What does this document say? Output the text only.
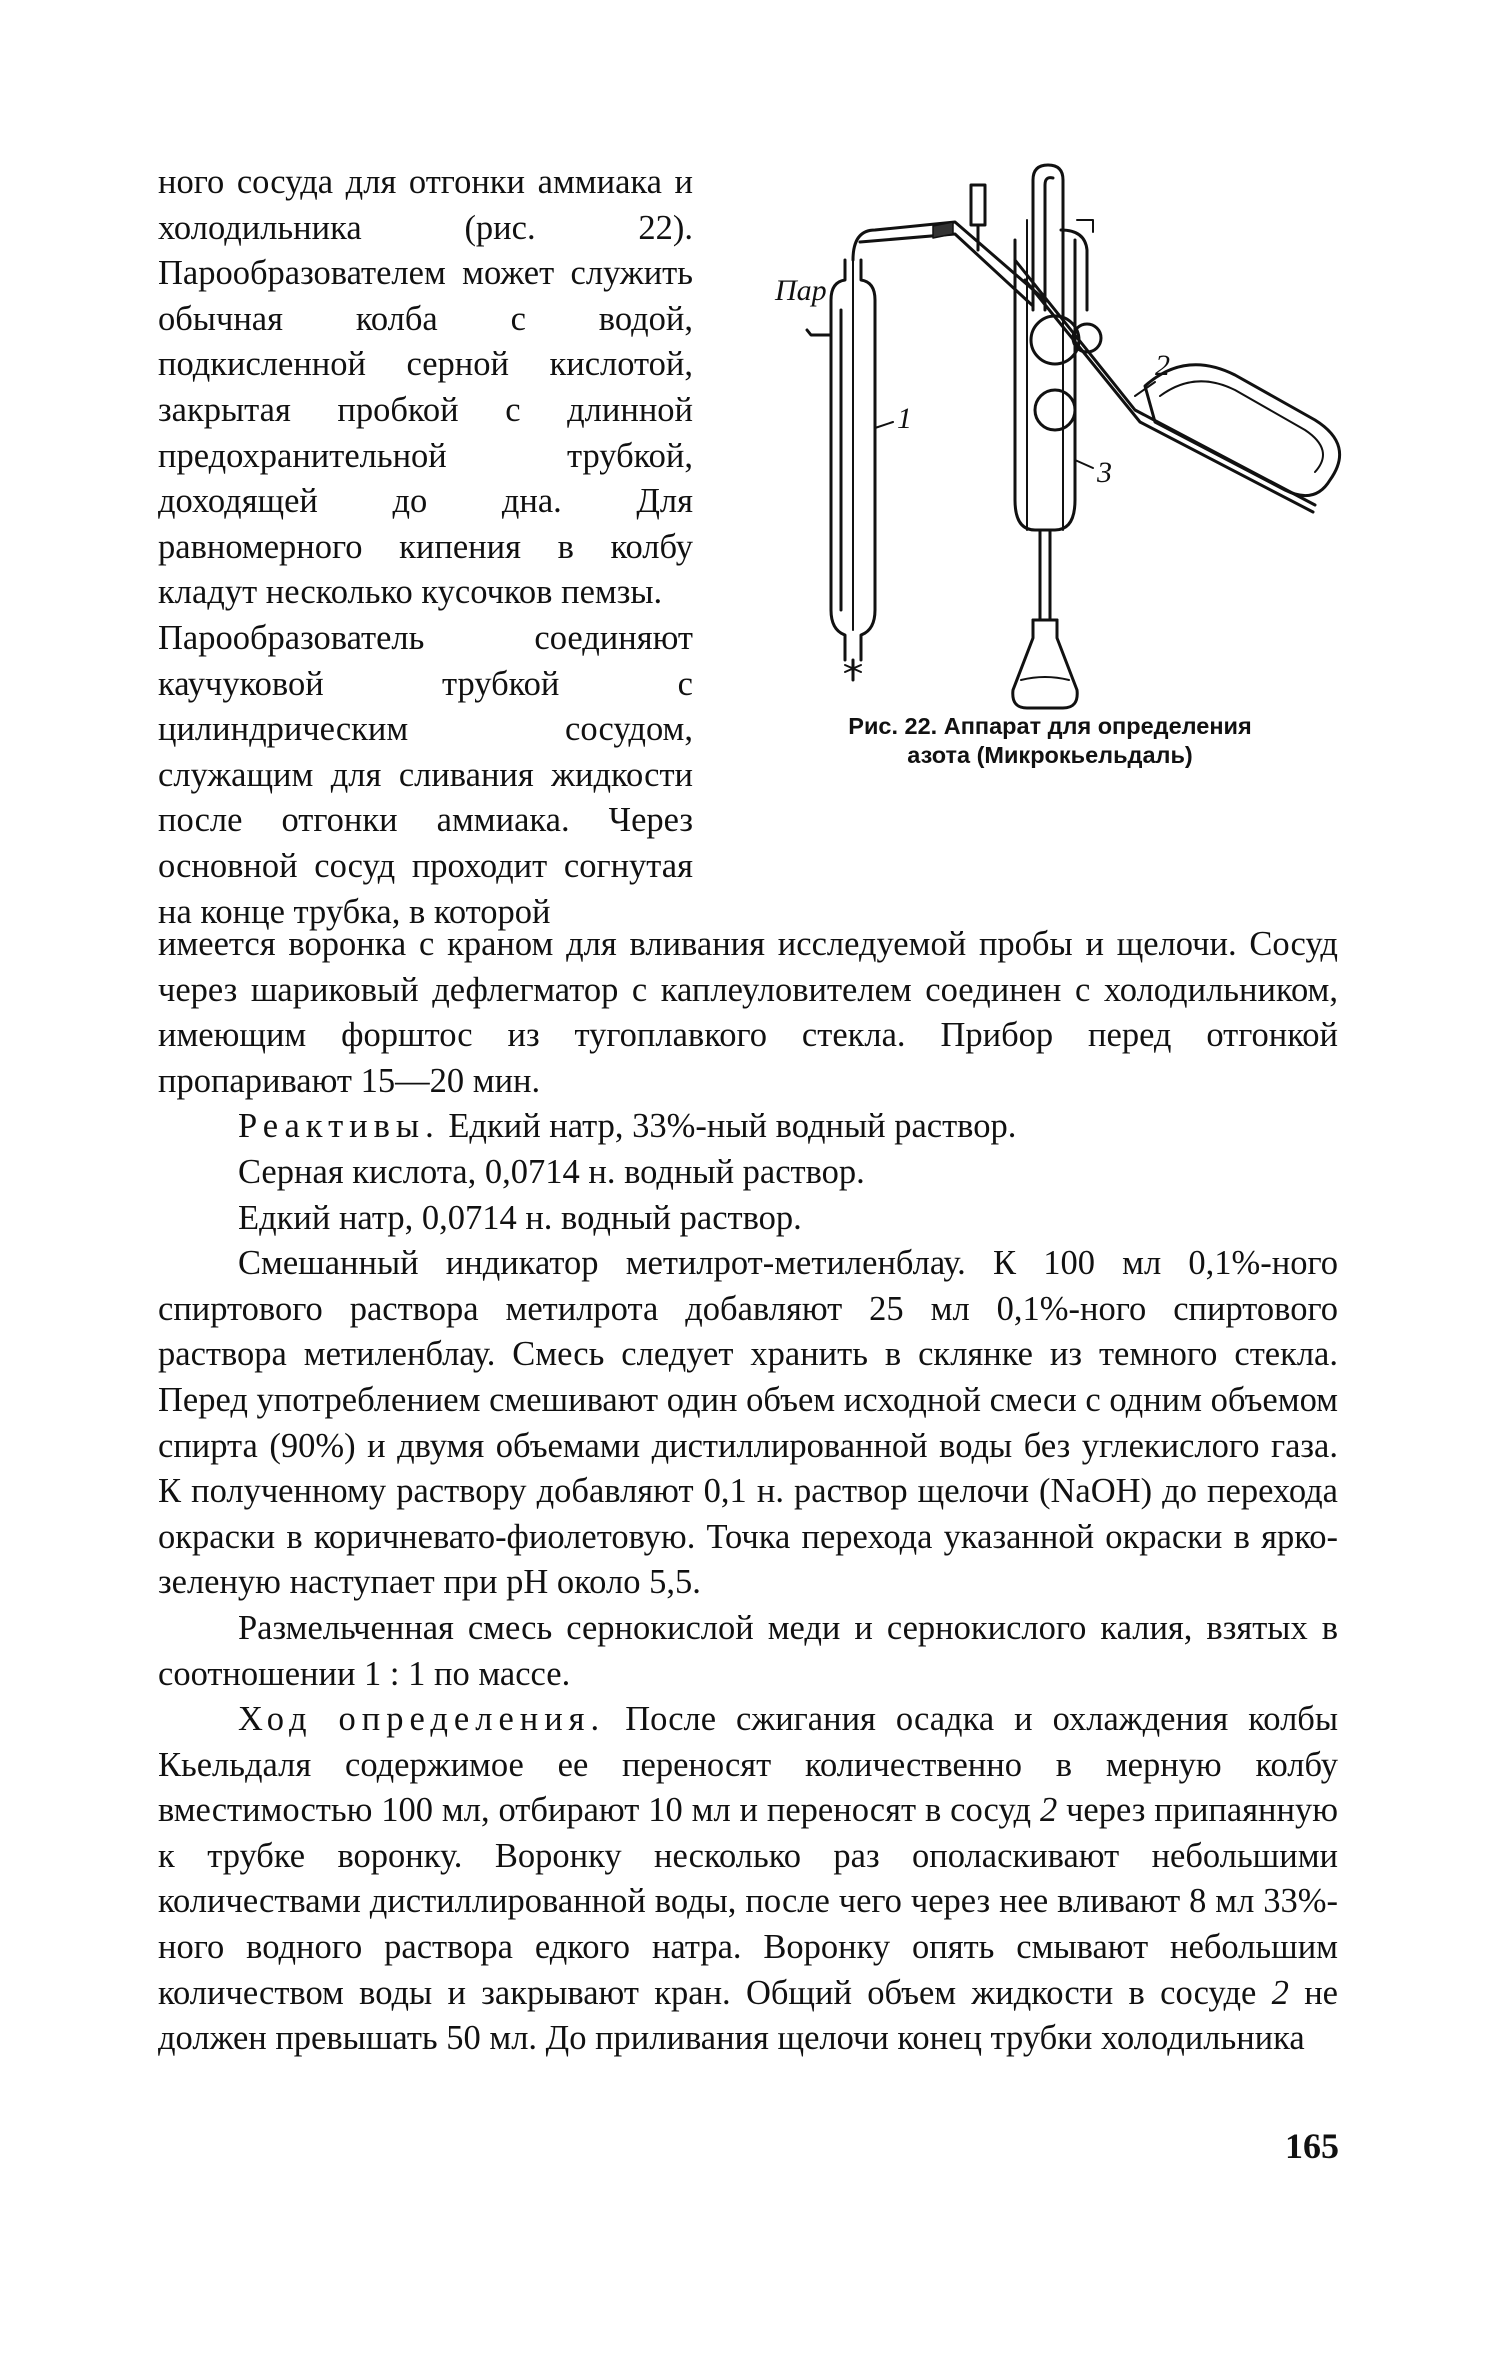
ного сосуда для отгонки аммиака и холодильника (рис. 22). Парообразователем может служить обычная колба с водой, подкисленной серной кислотой, закрытая пробкой с длинной предохранительной трубкой, доходящей до дна. Для равномерного кипения в колбу кладут несколько кусочков пемзы.

Парообразователь соединяют каучуковой трубкой с цилиндрическим сосудом, служащим для сливания жидкости после отгонки аммиака. Через основной сосуд проходит согнутая на конце трубка, в которой

Пар
1
2
3
Рис. 22. Аппарат для определения
азота (Микрокьельдаль)

имеется воронка с краном для вливания исследуемой пробы и щелочи. Сосуд через шариковый дефлегматор с каплеуловителем соединен с холодильником, имеющим форштос из тугоплавкого стекла. Прибор перед отгонкой пропаривают 15—20 мин.

Реактивы. Едкий натр, 33%-ный водный раствор.

Серная кислота, 0,0714 н. водный раствор.

Едкий натр, 0,0714 н. водный раствор.

Смешанный индикатор метилрот-метиленблау. К 100 мл 0,1%-ного спиртового раствора метилрота добавляют 25 мл 0,1%-ного спиртового раствора метиленблау. Смесь следует хранить в склянке из темного стекла. Перед употреблением смешивают один объем исходной смеси с одним объемом спирта (90%) и двумя объемами дистиллированной воды без углекислого газа. К полученному раствору добавляют 0,1 н. раствор щелочи (NaOH) до перехода окраски в коричневато-фиолетовую. Точка перехода указанной окраски в ярко-зеленую наступает при pH около 5,5.

Размельченная смесь сернокислой меди и сернокислого калия, взятых в соотношении 1 : 1 по массе.

Ход определения. После сжигания осадка и охлаждения колбы Кьельдаля содержимое ее переносят количественно в мерную колбу вместимостью 100 мл, отбирают 10 мл и переносят в сосуд 2 через припаянную к трубке воронку. Воронку несколько раз ополаскивают небольшими количествами дистиллированной воды, после чего через нее вливают 8 мл 33%-ного водного раствора едкого натра. Воронку опять смывают небольшим количеством воды и закрывают кран. Общий объем жидкости в сосуде 2 не должен превышать 50 мл. До приливания щелочи конец трубки холодильника

165
